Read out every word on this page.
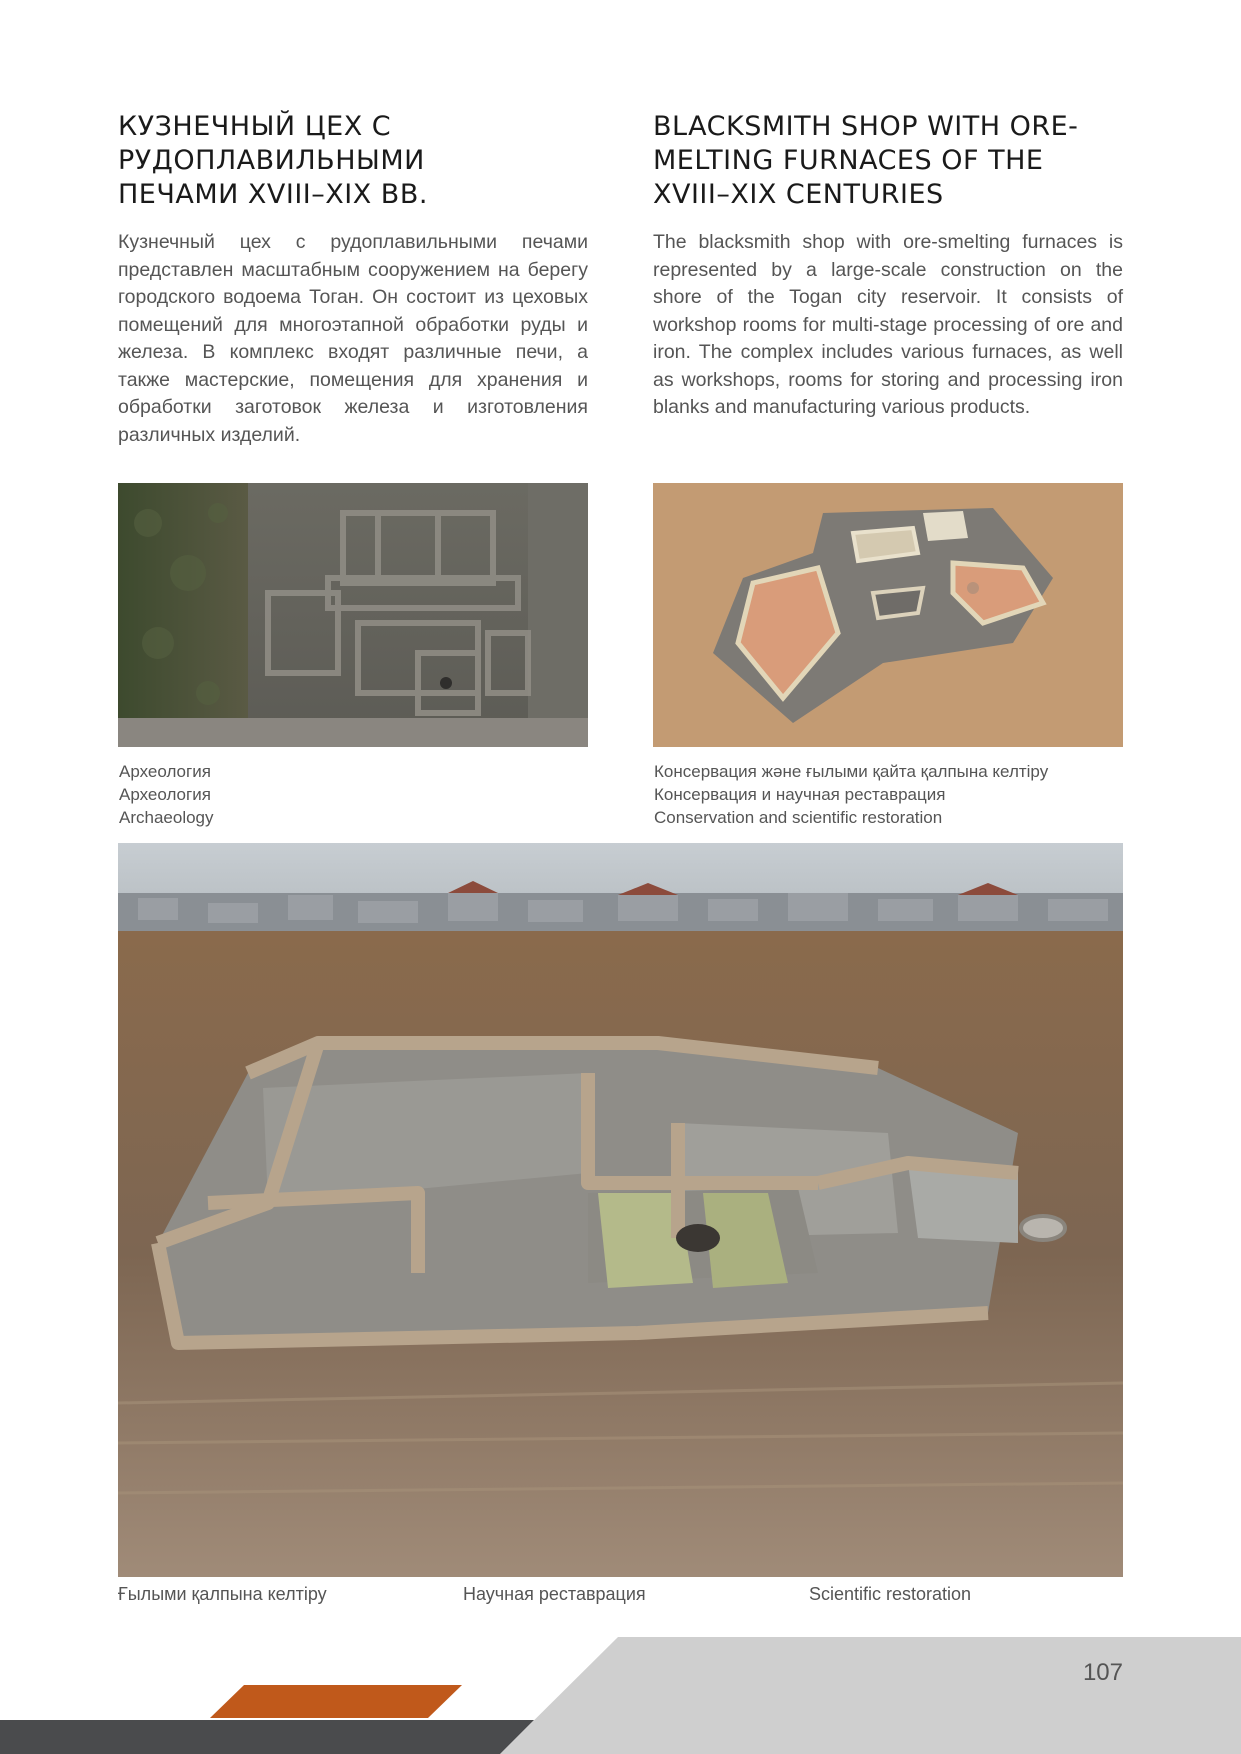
КУЗНЕЧНЫЙ ЦЕХ С
РУДОПЛАВИЛЬНЫМИ
ПЕЧАМИ XVIII–XIX ВВ.

Кузнечный цех с рудоплавильными печами представлен масштабным сооружением на берегу городского водоема Тоган. Он состоит из цеховых помещений для многоэтапной обработки руды и железа. В комплекс входят различные печи, а также мастерские, помещения для хранения и обработки заготовок железа и изготовления различных изделий.

BLACKSMITH SHOP WITH ORE-
MELTING FURNACES OF THE
XVIII–XIX CENTURIES

The blacksmith shop with ore-smelting furnaces is represented by a large-scale construction on the shore of the Togan city reservoir. It consists of workshop rooms for multi-stage processing of ore and iron. The complex includes various furnaces, as well as workshops, rooms for storing and processing iron blanks and manufacturing various products.

Археология
Археология
Archaeology
Консервация және ғылыми қайта қалпына келтіру
Консервация и научная реставрация
Conservation and scientific restoration
Ғылыми қалпына келтіру	Научная реставрация	Scientific restoration
107
